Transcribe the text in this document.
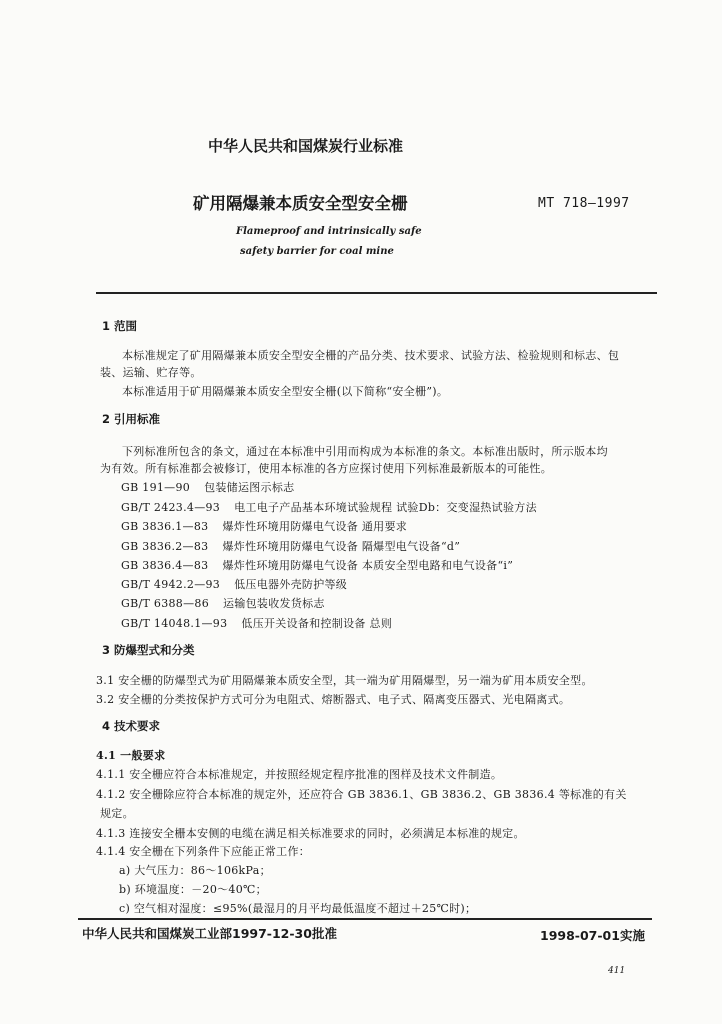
中华人民共和国煤炭行业标准
矿用隔爆兼本质安全型安全栅	MT 718—1997
Flameproof and intrinsically safe
safety barrier for coal mine
1 范围
本标准规定了矿用隔爆兼本质安全型安全栅的产品分类、技术要求、试验方法、检验规则和标志、包
装、运输、贮存等。
本标准适用于矿用隔爆兼本质安全型安全栅(以下简称“安全栅”)。
2 引用标准
下列标准所包含的条文，通过在本标准中引用而构成为本标准的条文。本标准出版时，所示版本均
为有效。所有标准都会被修订，使用本标准的各方应探讨使用下列标准最新版本的可能性。
GB 191—90 包装储运图示标志
GB/T 2423.4—93 电工电子产品基本环境试验规程 试验Db：交变湿热试验方法
GB 3836.1—83 爆炸性环境用防爆电气设备 通用要求
GB 3836.2—83 爆炸性环境用防爆电气设备 隔爆型电气设备“d”
GB 3836.4—83 爆炸性环境用防爆电气设备 本质安全型电路和电气设备“i”
GB/T 4942.2—93 低压电器外壳防护等级
GB/T 6388—86 运输包装收发货标志
GB/T 14048.1—93 低压开关设备和控制设备 总则
3 防爆型式和分类
3.1 安全栅的防爆型式为矿用隔爆兼本质安全型，其一端为矿用隔爆型，另一端为矿用本质安全型。
3.2 安全栅的分类按保护方式可分为电阻式、熔断器式、电子式、隔离变压器式、光电隔离式。
4 技术要求
4.1 一般要求
4.1.1 安全栅应符合本标准规定，并按照经规定程序批准的图样及技术文件制造。
4.1.2 安全栅除应符合本标准的规定外，还应符合 GB 3836.1、GB 3836.2、GB 3836.4 等标准的有关
规定。
4.1.3 连接安全栅本安侧的电缆在满足相关标准要求的同时，必须满足本标准的规定。
4.1.4 安全栅在下列条件下应能正常工作：
a) 大气压力：86～106kPa；
b) 环境温度：－20～40℃；
c) 空气相对湿度：≤95%(最湿月的月平均最低温度不超过＋25℃时)；
中华人民共和国煤炭工业部1997-12-30批准	1998-07-01实施
411
